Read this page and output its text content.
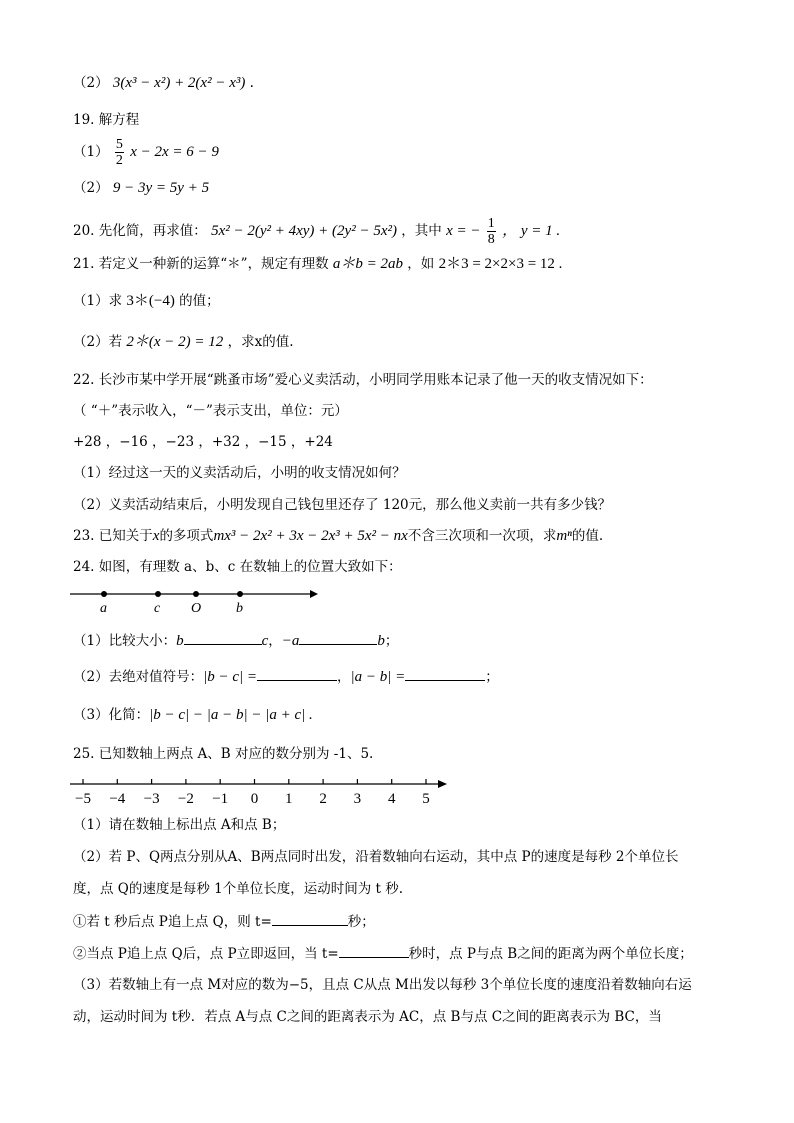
（2） 3(x³ − x²) + 2(x² − x³) .
19. 解方程
$(1) \frac{5}{2}$ x − 2x = 6 − 9
（2） 9 − 3y = 5y + 5
20. 先化简，再求值： 5x² − 2(y² + 4xy) + (2y² − 5x²) ，其中 x = − $\frac{1}{8}$ ， y = 1 .
21. 若定义一种新的运算“＊”，规定有理数 a＊b = 2ab ，如 2＊3 = 2×2×3 = 12 .
（1）求 3＊(−4) 的值；
（2）若 2＊(x − 2) = 12 ，求x的值.
22. 长沙市某中学开展“跳蚤市场”爱心义卖活动，小明同学用账本记录了他一天的收支情况如下：
（ “＋”表示收入，“－”表示支出，单位：元）
+28 ，−16 ，−23 ，+32 ，−15 ，+24
（1）经过这一天的义卖活动后，小明的收支情况如何？
（2）义卖活动结束后，小明发现自己钱包里还存了 120元，那么他义卖前一共有多少钱？
23. 已知关于x的多项式mx³ − 2x² + 3x − 2x³ + 5x² − nx不含三次项和一次项，求mⁿ的值.
24. 如图，有理数 a、b、c 在数轴上的位置大致如下：
a	c O b
（1）比较大小：b	c，−a	b；
（2）去绝对值符号：|b − c| =	，|a − b| =	；
（3）化简：|b − c| − |a − b| − |a + c| .
25. 已知数轴上两点 A、B 对应的数分别为 -1、5.
−5 −4 −3 −2 −1 0 1 2 3 4 5
（1）请在数轴上标出点 A和点 B；
（2）若 P、Q两点分别从A、B两点同时出发，沿着数轴向右运动，其中点 P的速度是每秒 2个单位长
度，点 Q的速度是每秒 1个单位长度，运动时间为 t 秒.
①若 t 秒后点 P追上点 Q，则 t=	秒；
②当点 P追上点 Q后，点 P立即返回，当 t=	秒时，点 P与点 B之间的距离为两个单位长度；
（3）若数轴上有一点 M对应的数为−5，且点 C从点 M出发以每秒 3个单位长度的速度沿着数轴向右运
动，运动时间为 t秒．若点 A与点 C之间的距离表示为 AC，点 B与点 C之间的距离表示为 BC，当
